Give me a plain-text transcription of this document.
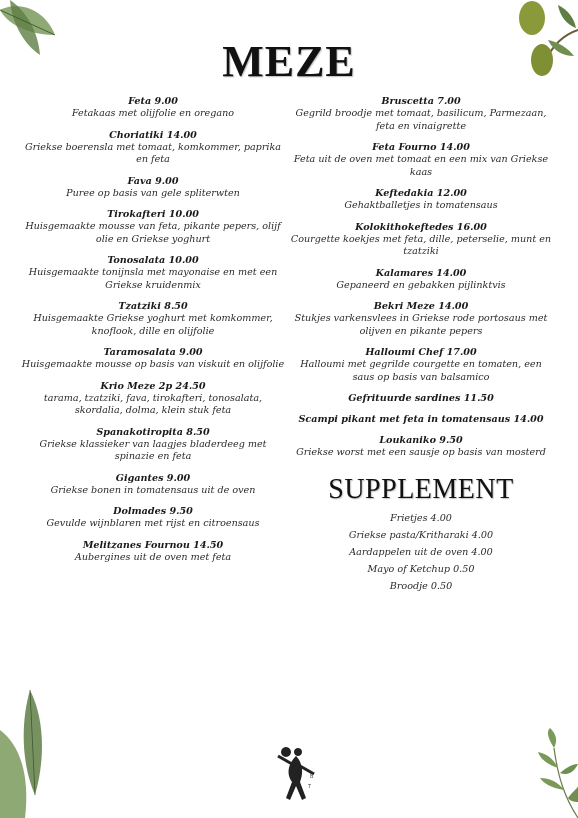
B
T
MEZE
Feta 9.00
Fetakaas met olijfolie en oregano
Choriatiki 14.00
Griekse boerensla met tomaat, komkommer, paprika en feta
Fava 9.00
Puree op basis van gele spliterwten
Tirokafteri 10.00
Huisgemaakte mousse van feta, pikante pepers, olijf olie en Griekse yoghurt
Tonosalata 10.00
Huisgemaakte tonijnsla met mayonaise en met een Griekse kruidenmix
Tzatziki 8.50
Huisgemaakte Griekse yoghurt met komkommer, knoflook, dille en olijfolie
Taramosalata 9.00
Huisgemaakte mousse op basis van viskuit en olijfolie
Krio Meze 2p 24.50
tarama, tzatziki, fava, tirokafteri, tonosalata, skordalia, dolma, klein stuk feta
Spanakotiropita 8.50
Griekse klassieker van laagjes bladerdeeg met spinazie en feta
Gigantes 9.00
Griekse bonen in tomatensaus uit de oven
Dolmades 9.50
Gevulde wijnblaren met rijst en citroensaus
Melitzanes Fournou 14.50
Aubergines uit de oven met feta
Bruscetta 7.00
Gegrild broodje met tomaat, basilicum, Parmezaan, feta en vinaigrette
Feta Fourno 14.00
Feta uit de oven met tomaat en een mix van Griekse kaas
Keftedakia 12.00
Gehaktballetjes in tomatensaus
Kolokithokeftedes 16.00
Courgette koekjes met feta, dille, peterselie, munt en tzatziki
Kalamares 14.00
Gepaneerd en gebakken pijlinktvis
Bekri Meze 14.00
Stukjes varkensvlees in Griekse rode portosaus met olijven en pikante pepers
Halloumi Chef 17.00
Halloumi met gegrilde courgette en tomaten, een saus op basis van balsamico
Gefrituurde sardines 11.50
Scampi pikant met feta in tomatensaus 14.00
Loukaniko 9.50
Griekse worst met een sausje op basis van mosterd
SUPPLEMENT
Frietjes 4.00
Griekse pasta/Kritharaki 4.00
Aardappelen uit de oven 4.00
Mayo of Ketchup 0.50
Broodje 0.50
